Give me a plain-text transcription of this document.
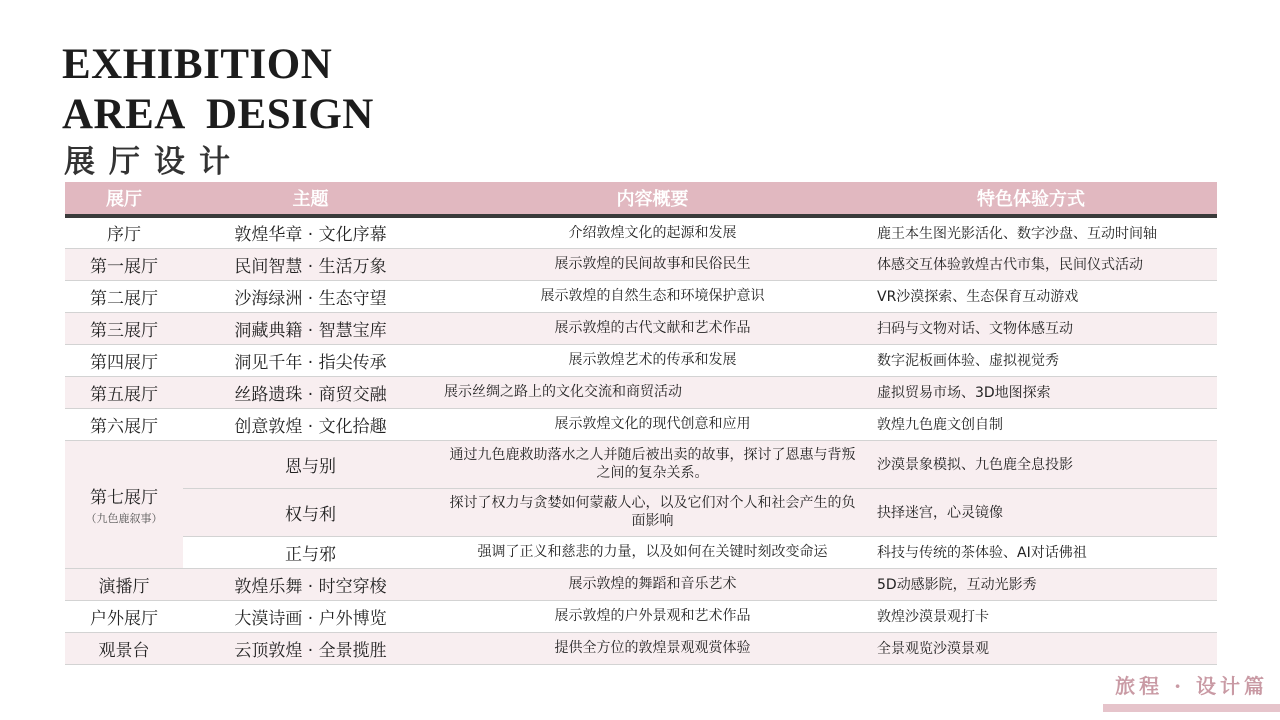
EXHIBITION
AREA  DESIGN
展厅设计
展厅	主题	内容概要	特色体验方式
序厅	敦煌华章 · 文化序幕	介绍敦煌文化的起源和发展	鹿王本生图光影活化、数字沙盘、互动时间轴
第一展厅	民间智慧 · 生活万象	展示敦煌的民间故事和民俗民生	体感交互体验敦煌古代市集，民间仪式活动
第二展厅	沙海绿洲 · 生态守望	展示敦煌的自然生态和环境保护意识	VR沙漠探索、生态保育互动游戏
第三展厅	洞藏典籍 · 智慧宝库	展示敦煌的古代文献和艺术作品	扫码与文物对话、文物体感互动
第四展厅	洞见千年 · 指尖传承	展示敦煌艺术的传承和发展	数字泥板画体验、虚拟视觉秀
第五展厅	丝路遗珠 · 商贸交融	展示丝绸之路上的文化交流和商贸活动	虚拟贸易市场、3D地图探索
第六展厅	创意敦煌 · 文化拾趣	展示敦煌文化的现代创意和应用	敦煌九色鹿文创自制

第七展厅
（九色鹿叙事）	恩与别	通过九色鹿救助落水之人并随后被出卖的故事，探讨了恩惠与背叛之间的复杂关系。	沙漠景象模拟、九色鹿全息投影
	权与利	探讨了权力与贪婪如何蒙蔽人心，以及它们对个人和社会产生的负面影响	抉择迷宫，心灵镜像
	正与邪	强调了正义和慈悲的力量，以及如何在关键时刻改变命运	科技与传统的茶体验、AI对话佛祖
演播厅	敦煌乐舞 · 时空穿梭	展示敦煌的舞蹈和音乐艺术	5D动感影院，互动光影秀
户外展厅	大漠诗画 · 户外博览	展示敦煌的户外景观和艺术作品	敦煌沙漠景观打卡
观景台	云顶敦煌 · 全景揽胜	提供全方位的敦煌景观观赏体验	全景观览沙漠景观
旅程 · 设计篇
